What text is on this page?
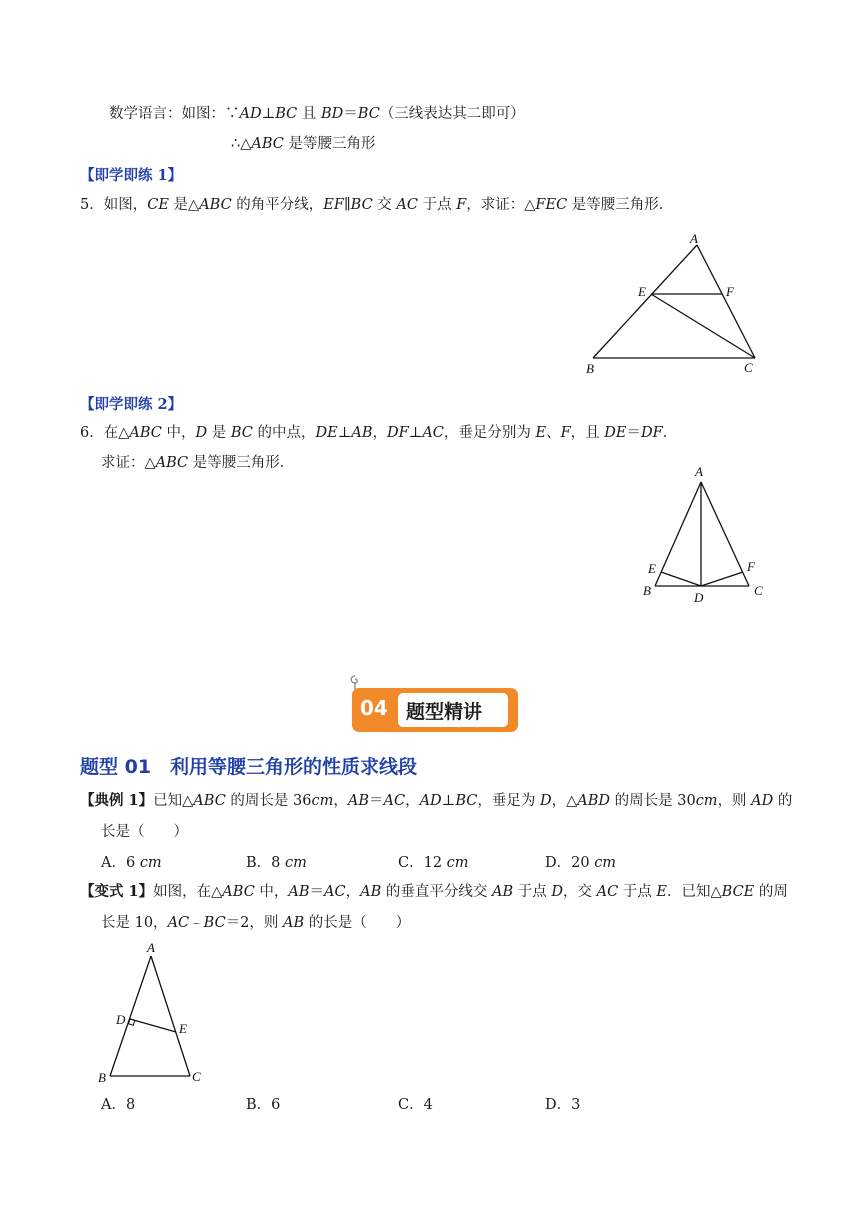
数学语言：如图：∵AD⊥BC 且 BD＝BC（三线表达其二即可）
∴△ABC 是等腰三角形
【即学即练 1】
5．如图，CE 是△ABC 的角平分线，EF∥BC 交 AC 于点 F，求证：△FEC 是等腰三角形．
A
E	F
B	C
【即学即练 2】
6．在△ABC 中，D 是 BC 的中点，DE⊥AB，DF⊥AC，垂足分别为 E、F，且 DE＝DF．
求证：△ABC 是等腰三角形．
A
E	F
B	D	C
04 题型精讲
题型 01　利用等腰三角形的性质求线段
【典例 1】已知△ABC 的周长是 36cm，AB＝AC，AD⊥BC，垂足为 D，△ABD 的周长是 30cm，则 AD 的
长是（　　）
A．6 cm	B．8 cm	C．12 cm	D．20 cm
【变式 1】如图，在△ABC 中，AB＝AC，AB 的垂直平分线交 AB 于点 D，交 AC 于点 E．已知△BCE 的周
长是 10，AC﹣BC＝2，则 AB 的长是（　　）
A
D
E
B	C
A．8	B．6	C．4	D．3
